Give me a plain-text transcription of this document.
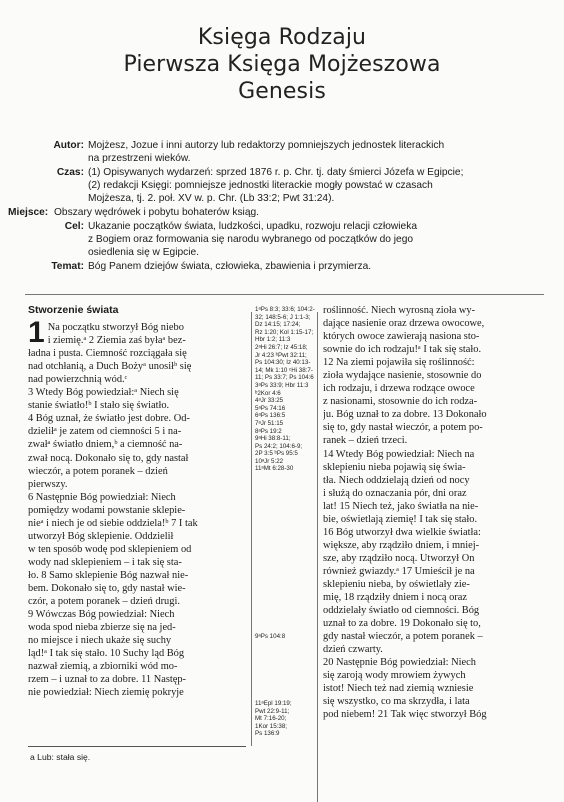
Księga Rodzaju
Pierwsza Księga Mojżeszowa
Genesis
Autor: Mojżesz, Jozue i inni autorzy lub redaktorzy pomniejszych jednostek literackich
na przestrzeni wieków.
Czas: (1) Opisywanych wydarzeń: sprzed 1876 r. p. Chr. tj. daty śmierci Józefa w Egipcie;
(2) redakcji Księgi: pomniejsze jednostki literackie mogły powstać w czasach
Mojżesza, tj. 2. poł. XV w. p. Chr. (Lb 33:2; Pwt 31:24).
Miejsce: Obszary wędrówek i pobytu bohaterów ksiąg.
Cel: Ukazanie początków świata, ludzkości, upadku, rozwoju relacji człowieka
z Bogiem oraz formowania się narodu wybranego od początków do jego
osiedlenia się w Egipcie.
Temat: Bóg Panem dziejów świata, człowieka, zbawienia i przymierza.
Stworzenie świata
1 Na początku stworzył Bóg niebo
i ziemię.ᵃ 2 Ziemia zaś byłaᵃ bez-
ładna i pusta. Ciemność rozciągała się
nad otchłanią, a Duch Bożyᵃ unosiłᵇ się
nad powierzchnią wód.ᶜ
3 Wtedy Bóg powiedział:ᵃ Niech się
stanie światło!ᵇ I stało się światło.
4 Bóg uznał, że światło jest dobre. Od-
dzieliłᵃ je zatem od ciemności 5 i na-
zwałᵃ światło dniem,ᵇ a ciemność na-
zwał nocą. Dokonało się to, gdy nastał
wieczór, a potem poranek – dzień
pierwszy.
6 Następnie Bóg powiedział: Niech
pomiędzy wodami powstanie sklepie-
nieᵃ i niech je od siebie oddziela!ᵇ 7 I tak
utworzył Bóg sklepienie. Oddzielił
w ten sposób wodę pod sklepieniem od
wody nad sklepieniem – i tak się sta-
ło. 8 Samo sklepienie Bóg nazwał nie-
bem. Dokonało się to, gdy nastał wie-
czór, a potem poranek – dzień drugi.
9 Wówczas Bóg powiedział: Niech
woda spod nieba zbierze się na jed-
no miejsce i niech ukaże się suchy
ląd!ᵃ I tak się stało. 10 Suchy ląd Bóg
nazwał ziemią, a zbiorniki wód mo-
rzem – i uznał to za dobre. 11 Następ-
nie powiedział: Niech ziemię pokryje
1ᵃPs 8:3; 33:6; 104:2-
32; 148:5-6; J 1:1-3;
Dz 14:15; 17:24;
Rz 1:20; Kol 1:15-17;
Hbr 1:2; 11:3
2ᵃHi 26:7; Iz 45:18;
Jr 4:23 ᵇPwt 32:11;
Ps 104:30; Iz 40:13-
14; Mk 1:10 ᶜHi 38:7-
11; Ps 33:7; Ps 104:6
3ᵃPs 33:9; Hbr 11:3
ᵇ2Kor 4:6
4ᵃJr 33:25
5ᵃPs 74:16
6ᵃPs 136:5
7ᵃJr 51:15
8ᵃPs 19:2
9ᵃHi 38:8-11;
Ps 24:2; 104:6-9;
2P 3:5 ᵇPs 95:5
10ᵃJr 5:22
11ᵃMt 6:28-30
9ᵃPs 104:8
11ᵃEpl 19:19;
Pwt 22:9-11;
Mt 7:16-20;
1Kor 15:38;
Ps 136:9
roślinność. Niech wyrosną zioła wy-
dające nasienie oraz drzewa owocowe,
których owoce zawierają nasiona sto-
sownie do ich rodzaju!ᵃ I tak się stało.
12 Na ziemi pojawiła się roślinność:
zioła wydające nasienie, stosownie do
ich rodzaju, i drzewa rodzące owoce
z nasionami, stosownie do ich rodza-
ju. Bóg uznał to za dobre. 13 Dokonało
się to, gdy nastał wieczór, a potem po-
ranek – dzień trzeci.
14 Wtedy Bóg powiedział: Niech na
sklepieniu nieba pojawią się świa-
tła. Niech oddzielają dzień od nocy
i służą do oznaczania pór, dni oraz
lat! 15 Niech też, jako światła na nie-
bie, oświetlają ziemię! I tak się stało.
16 Bóg utworzył dwa wielkie światła:
większe, aby rządziło dniem, i mniej-
sze, aby rządziło nocą. Utworzył On
również gwiazdy.ᵃ 17 Umieścił je na
sklepieniu nieba, by oświetlały zie-
mię, 18 rządziły dniem i nocą oraz
oddzielały światło od ciemności. Bóg
uznał to za dobre. 19 Dokonało się to,
gdy nastał wieczór, a potem poranek –
dzień czwarty.
20 Następnie Bóg powiedział: Niech
się zaroją wody mrowiem żywych
istot! Niech też nad ziemią wzniesie
się wszystko, co ma skrzydła, i lata
pod niebem! 21 Tak więc stworzył Bóg
a Lub: stała się.
